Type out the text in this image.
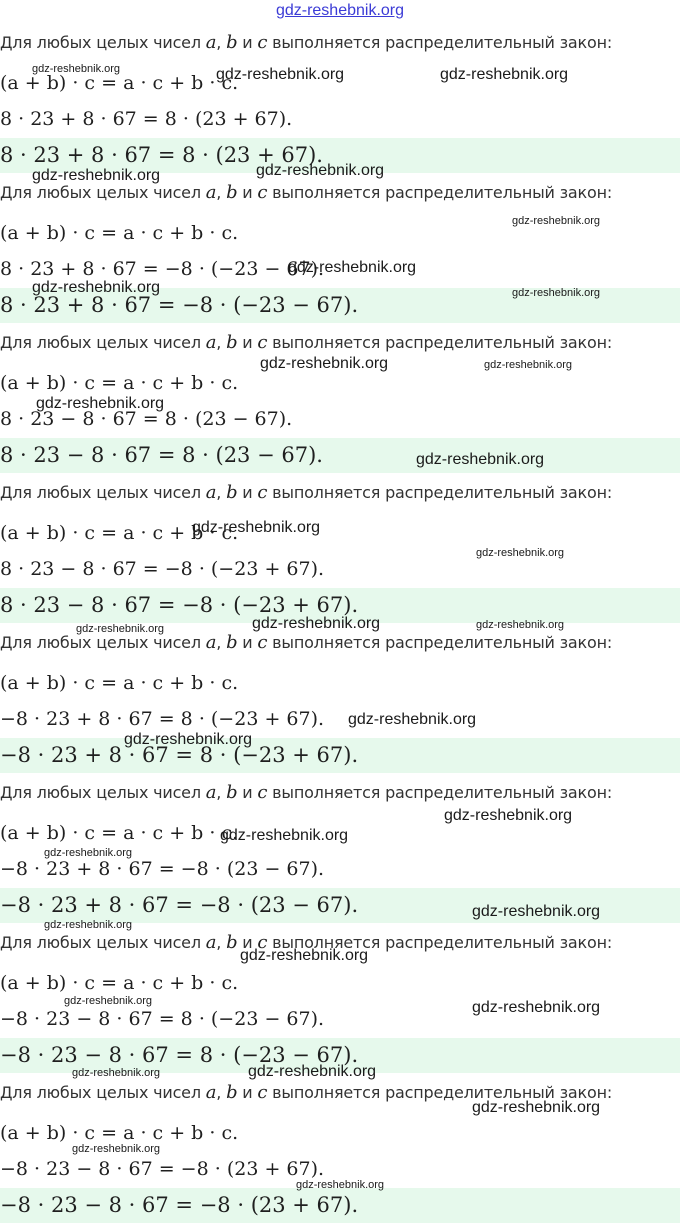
gdz-reshebnik.org
Для любых целых чисел a, b и c выполняется распределительный закон:
(a + b) · c = a · c + b · c.
8 · 23 + 8 · 67 = 8 · (23 + 67).
8 · 23 + 8 · 67 = 8 · (23 + 67).
Для любых целых чисел a, b и c выполняется распределительный закон:
(a + b) · c = a · c + b · c.
8 · 23 + 8 · 67 = −8 · (−23 − 67).
8 · 23 + 8 · 67 = −8 · (−23 − 67).
Для любых целых чисел a, b и c выполняется распределительный закон:
(a + b) · c = a · c + b · c.
8 · 23 − 8 · 67 = 8 · (23 − 67).
8 · 23 − 8 · 67 = 8 · (23 − 67).
Для любых целых чисел a, b и c выполняется распределительный закон:
(a + b) · c = a · c + b · c.
8 · 23 − 8 · 67 = −8 · (−23 + 67).
8 · 23 − 8 · 67 = −8 · (−23 + 67).
Для любых целых чисел a, b и c выполняется распределительный закон:
(a + b) · c = a · c + b · c.
−8 · 23 + 8 · 67 = 8 · (−23 + 67).
−8 · 23 + 8 · 67 = 8 · (−23 + 67).
Для любых целых чисел a, b и c выполняется распределительный закон:
(a + b) · c = a · c + b · c.
−8 · 23 + 8 · 67 = −8 · (23 − 67).
−8 · 23 + 8 · 67 = −8 · (23 − 67).
Для любых целых чисел a, b и c выполняется распределительный закон:
(a + b) · c = a · c + b · c.
−8 · 23 − 8 · 67 = 8 · (−23 − 67).
−8 · 23 − 8 · 67 = 8 · (−23 − 67).
Для любых целых чисел a, b и c выполняется распределительный закон:
(a + b) · c = a · c + b · c.
−8 · 23 − 8 · 67 = −8 · (23 + 67).
−8 · 23 − 8 · 67 = −8 · (23 + 67).
gdz-reshebnik.org	gdz-reshebnik.org	gdz-reshebnik.org
gdz-reshebnik.org	gdz-reshebnik.org
gdz-reshebnik.org
gdz-reshebnik.org
gdz-reshebnik.org	gdz-reshebnik.org
gdz-reshebnik.org	gdz-reshebnik.org
gdz-reshebnik.org
gdz-reshebnik.org
gdz-reshebnik.org
gdz-reshebnik.org
gdz-reshebnik.org	gdz-reshebnik.org	gdz-reshebnik.org
gdz-reshebnik.org
gdz-reshebnik.org
gdz-reshebnik.org
gdz-reshebnik.org
gdz-reshebnik.org
gdz-reshebnik.org
gdz-reshebnik.org
gdz-reshebnik.org
gdz-reshebnik.org	gdz-reshebnik.org
gdz-reshebnik.org	gdz-reshebnik.org
gdz-reshebnik.org
gdz-reshebnik.org
gdz-reshebnik.org
